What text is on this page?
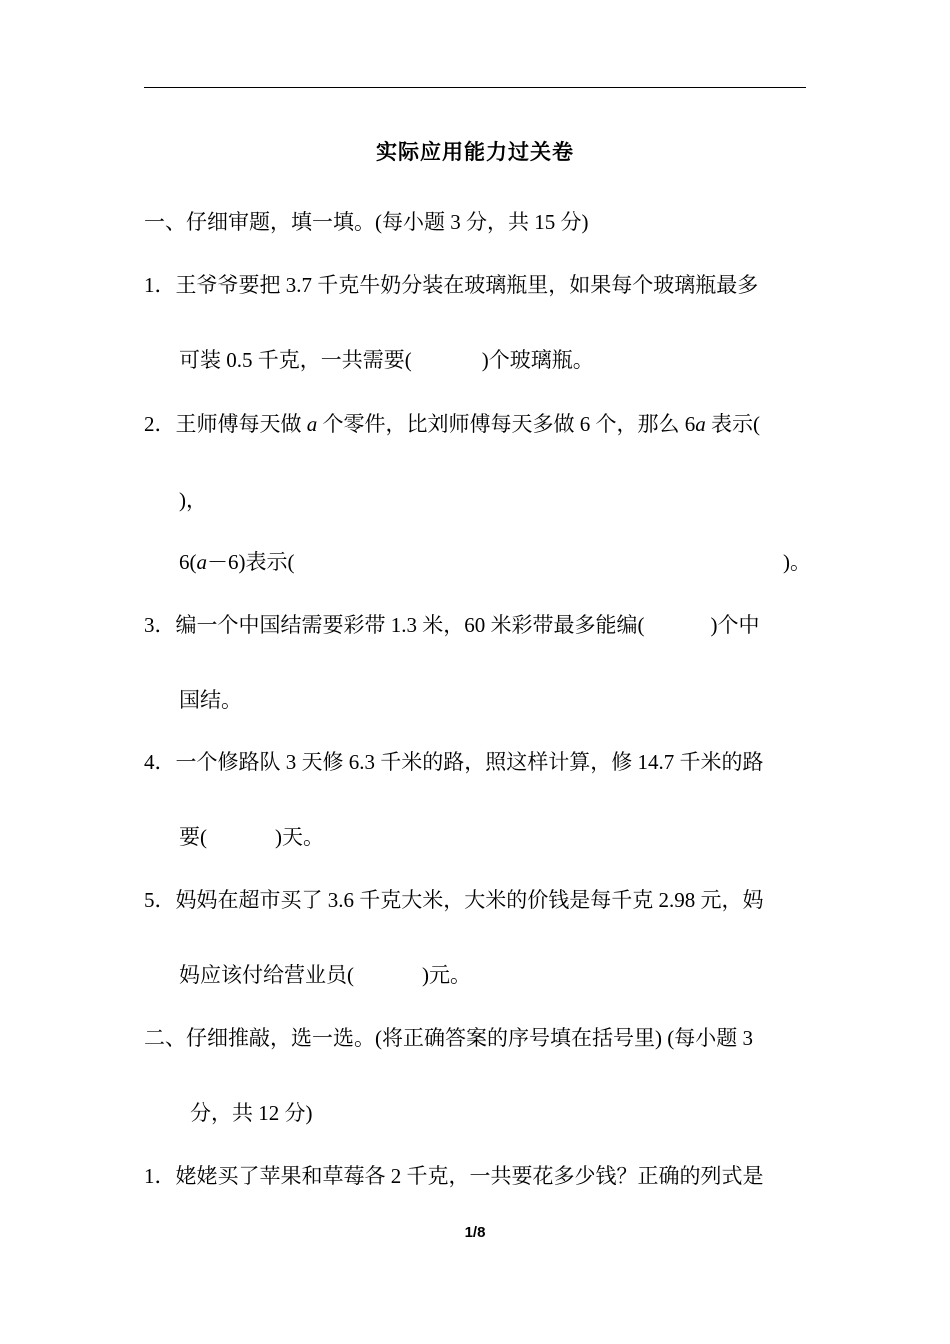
实际应用能力过关卷
一、仔细审题，填一填。(每小题 3 分，共 15 分)
1．王爷爷要把 3.7 千克牛奶分装在玻璃瓶里，如果每个玻璃瓶最多
可装 0.5 千克，一共需要(	)个玻璃瓶。
2．王师傅每天做 a 个零件，比刘师傅每天多做 6 个，那么 6a 表示(
)，
6(a－6)表示(	)。
3．编一个中国结需要彩带 1.3 米，60 米彩带最多能编(	)个中
国结。
4．一个修路队 3 天修 6.3 千米的路，照这样计算，修 14.7 千米的路
要(	)天。
5．妈妈在超市买了 3.6 千克大米，大米的价钱是每千克 2.98 元，妈
妈应该付给营业员(	)元。
二、仔细推敲，选一选。(将正确答案的序号填在括号里) (每小题 3
分，共 12 分)
1．姥姥买了苹果和草莓各 2 千克，一共要花多少钱？正确的列式是
1/8
